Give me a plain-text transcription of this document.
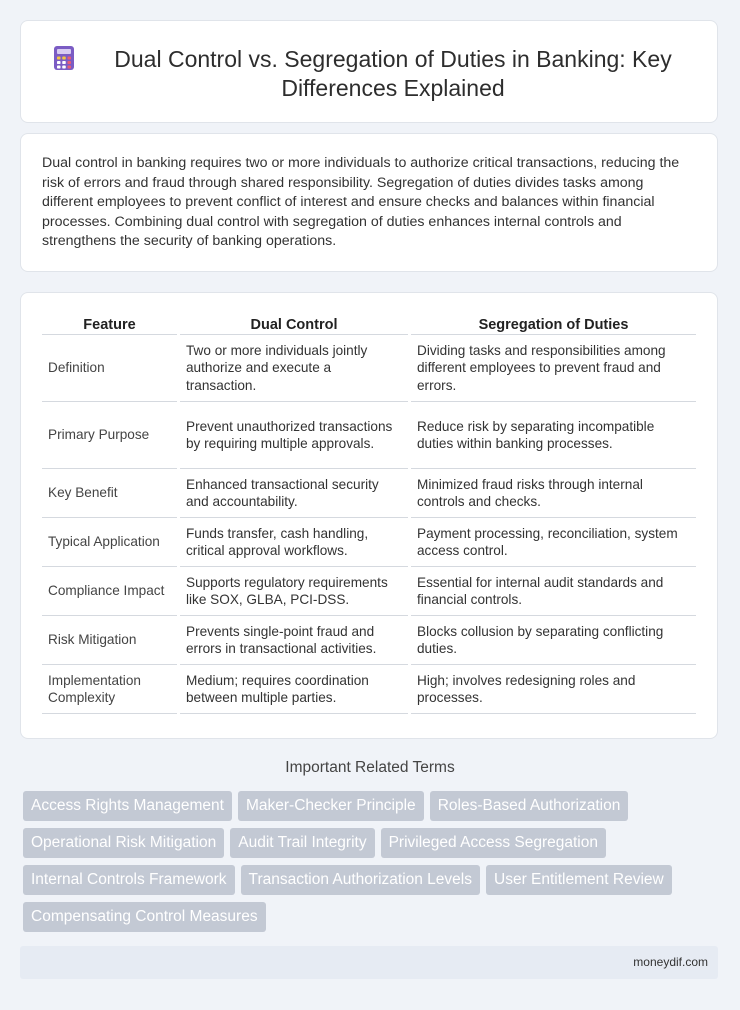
Dual Control vs. Segregation of Duties in Banking: Key Differences Explained

Dual control in banking requires two or more individuals to authorize critical transactions, reducing the risk of errors and fraud through shared responsibility. Segregation of duties divides tasks among different employees to prevent conflict of interest and ensure checks and balances within financial processes. Combining dual control with segregation of duties enhances internal controls and strengthens the security of banking operations.

Feature	Dual Control	Segregation of Duties
Definition	Two or more individuals jointly authorize and execute a transaction.	Dividing tasks and responsibilities among different employees to prevent fraud and errors.
Primary Purpose	Prevent unauthorized transactions by requiring multiple approvals.	Reduce risk by separating incompatible duties within banking processes.
Key Benefit	Enhanced transactional security and accountability.	Minimized fraud risks through internal controls and checks.
Typical Application	Funds transfer, cash handling, critical approval workflows.	Payment processing, reconciliation, system access control.
Compliance Impact	Supports regulatory requirements like SOX, GLBA, PCI-DSS.	Essential for internal audit standards and financial controls.
Risk Mitigation	Prevents single-point fraud and errors in transactional activities.	Blocks collusion by separating conflicting duties.
Implementation Complexity	Medium; requires coordination between multiple parties.	High; involves redesigning roles and processes.
Important Related Terms
Access Rights Management	Maker-Checker Principle	Roles-Based Authorization
Operational Risk Mitigation	Audit Trail Integrity	Privileged Access Segregation
Internal Controls Framework	Transaction Authorization Levels	User Entitlement Review
Compensating Control Measures
moneydif.com
